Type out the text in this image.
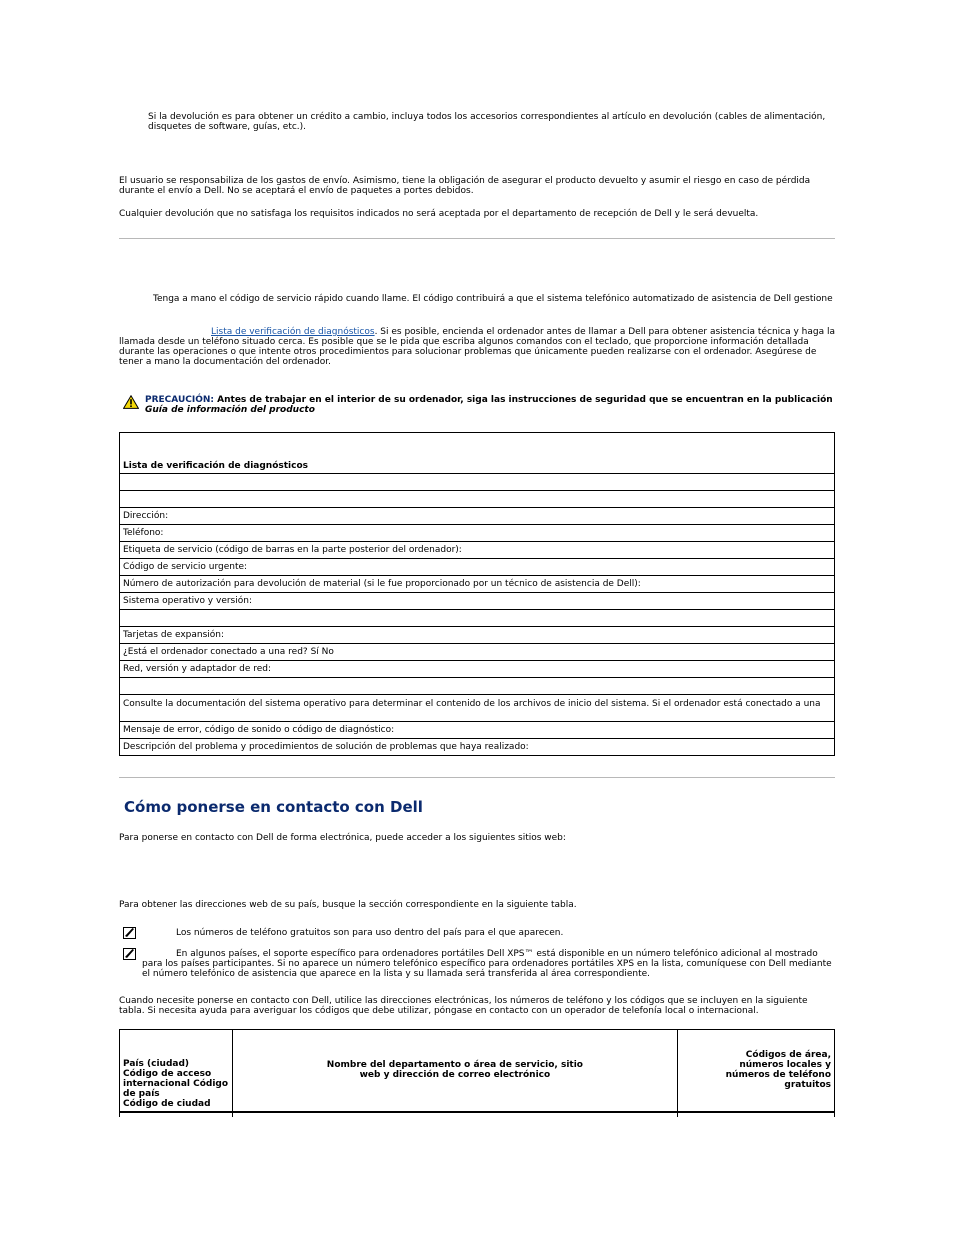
Si la devolución es para obtener un crédito a cambio, incluya todos los accesorios correspondientes al artículo en devolución (cables de alimentación, disquetes de software, guías, etc.).
El usuario se responsabiliza de los gastos de envío. Asimismo, tiene la obligación de asegurar el producto devuelto y asumir el riesgo en caso de pérdida durante el envío a Dell. No se aceptará el envío de paquetes a portes debidos.
Cualquier devolución que no satisfaga los requisitos indicados no será aceptada por el departamento de recepción de Dell y le será devuelta.
Tenga a mano el código de servicio rápido cuando llame. El código contribuirá a que el sistema telefónico automatizado de asistencia de Dell gestione
Lista de verificación de diagnósticos. Si es posible, encienda el ordenador antes de llamar a Dell para obtener asistencia técnica y haga la
llamada desde un teléfono situado cerca. Es posible que se le pida que escriba algunos comandos con el teclado, que proporcione información detallada durante las operaciones o que intente otros procedimientos para solucionar problemas que únicamente pueden realizarse con el ordenador. Asegúrese de tener a mano la documentación del ordenador.
PRECAUCIÓN: Antes de trabajar en el interior de su ordenador, siga las instrucciones de seguridad que se encuentran en la publicación Guía de información del producto
Lista de verificación de diagnósticos

Dirección:
Teléfono:
Etiqueta de servicio (código de barras en la parte posterior del ordenador):
Código de servicio urgente:
Número de autorización para devolución de material (si le fue proporcionado por un técnico de asistencia de Dell):
Sistema operativo y versión:

Tarjetas de expansión:
¿Está el ordenador conectado a una red? Sí No
Red, versión y adaptador de red:

Consulte la documentación del sistema operativo para determinar el contenido de los archivos de inicio del sistema. Si el ordenador está conectado a una
Mensaje de error, código de sonido o código de diagnóstico:
Descripción del problema y procedimientos de solución de problemas que haya realizado:
Cómo ponerse en contacto con Dell
Para ponerse en contacto con Dell de forma electrónica, puede acceder a los siguientes sitios web:
Para obtener las direcciones web de su país, busque la sección correspondiente en la siguiente tabla.
Los números de teléfono gratuitos son para uso dentro del país para el que aparecen.
En algunos países, el soporte específico para ordenadores portátiles Dell XPS™ está disponible en un número telefónico adicional al mostrado
para los países participantes. Si no aparece un número telefónico específico para ordenadores portátiles XPS en la lista, comuníquese con Dell mediante el número telefónico de asistencia que aparece en la lista y su llamada será transferida al área correspondiente.
Cuando necesite ponerse en contacto con Dell, utilice las direcciones electrónicas, los números de teléfono y los códigos que se incluyen en la siguiente tabla. Si necesita ayuda para averiguar los códigos que debe utilizar, póngase en contacto con un operador de telefonía local o internacional.
País (ciudad)
Código de acceso internacional Código de país
Código de ciudad	Nombre del departamento o área de servicio, sitio web y dirección de correo electrónico	Códigos de área, números locales y números de teléfono gratuitos
